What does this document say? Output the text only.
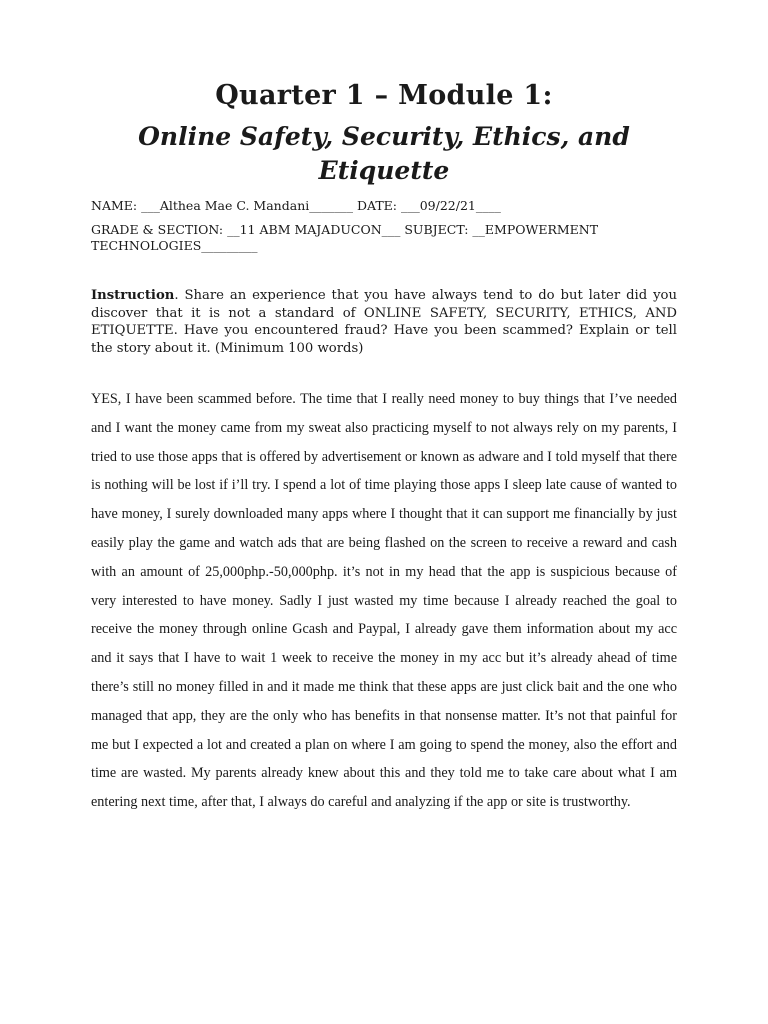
Quarter 1 – Module 1:
Online Safety, Security, Ethics, and Etiquette
NAME: ___Althea Mae C. Mandani_______ DATE: ___09/22/21____
GRADE & SECTION: __11 ABM MAJADUCON___ SUBJECT: __EMPOWERMENT
TECHNOLOGIES_________
Instruction. Share an experience that you have always tend to do but later did you discover that it is not a standard of ONLINE SAFETY, SECURITY, ETHICS, AND ETIQUETTE. Have you encountered fraud? Have you been scammed? Explain or tell the story about it. (Minimum 100 words)

YES, I have been scammed before. The time that I really need money to buy things that I’ve needed and I want the money came from my sweat also practicing myself to not always rely on my parents, I tried to use those apps that is offered by advertisement or known as adware and I told myself that there is nothing will be lost if i’ll try. I spend a lot of time playing those apps I sleep late cause of wanted to have money, I surely downloaded many apps where I thought that it can support me financially by just easily play the game and watch ads that are being flashed on the screen to receive a reward and cash with an amount of 25,000php.-50,000php. it’s not in my head that the app is suspicious because of very interested to have money. Sadly I just wasted my time because I already reached the goal to receive the money through online Gcash and Paypal, I already gave them information about my acc and it says that I have to wait 1 week to receive the money in my acc but it’s already ahead of time there’s still no money filled in and it made me think that these apps are just click bait and the one who managed that app, they are the only who has benefits in that nonsense matter. It’s not that painful for me but I expected a lot and created a plan on where I am going to spend the money, also the effort and time are wasted. My parents already knew about this and they told me to take care about what I am entering next time, after that, I always do careful and analyzing if the app or site is trustworthy.
